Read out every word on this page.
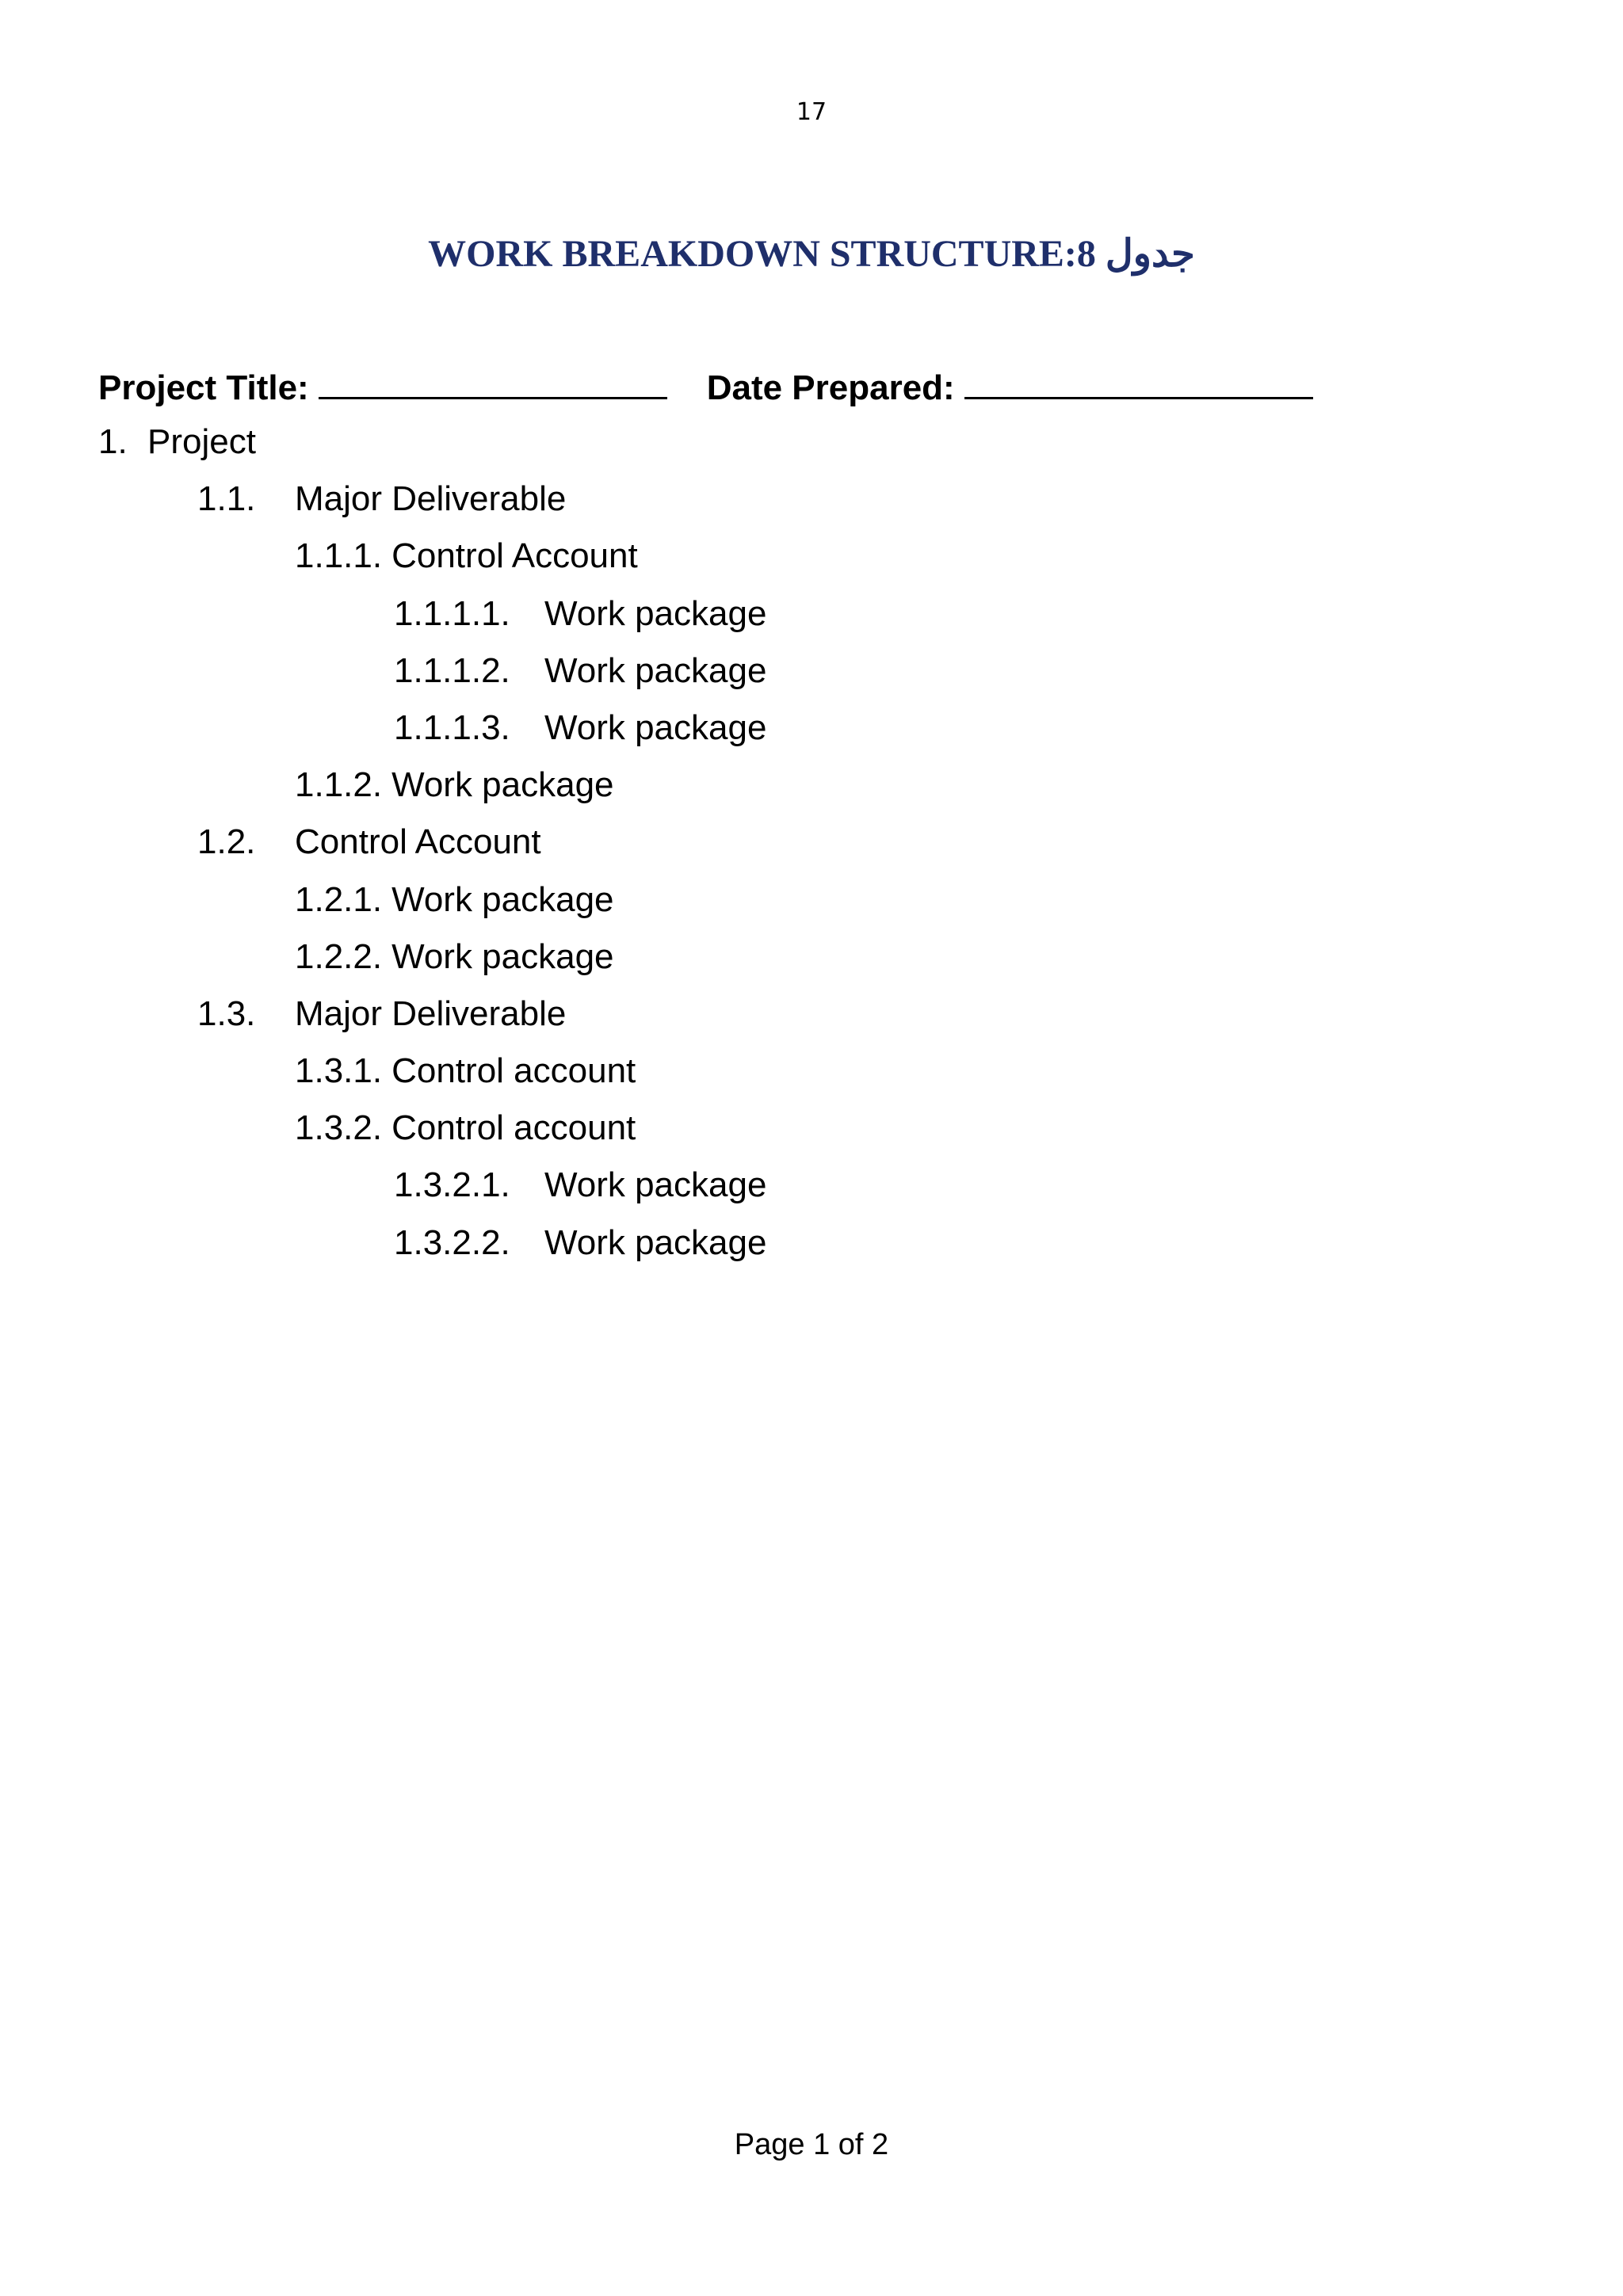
17
WORK BREAKDOWN STRUCTURE:8 جدول
Project Title:	Date Prepared:
1. Project
1.1. Major Deliverable
1.1.1. Control Account
1.1.1.1. Work package
1.1.1.2. Work package
1.1.1.3. Work package
1.1.2. Work package
1.2. Control Account
1.2.1. Work package
1.2.2. Work package
1.3. Major Deliverable
1.3.1. Control account
1.3.2. Control account
1.3.2.1. Work package
1.3.2.2. Work package
Page 1 of 2
